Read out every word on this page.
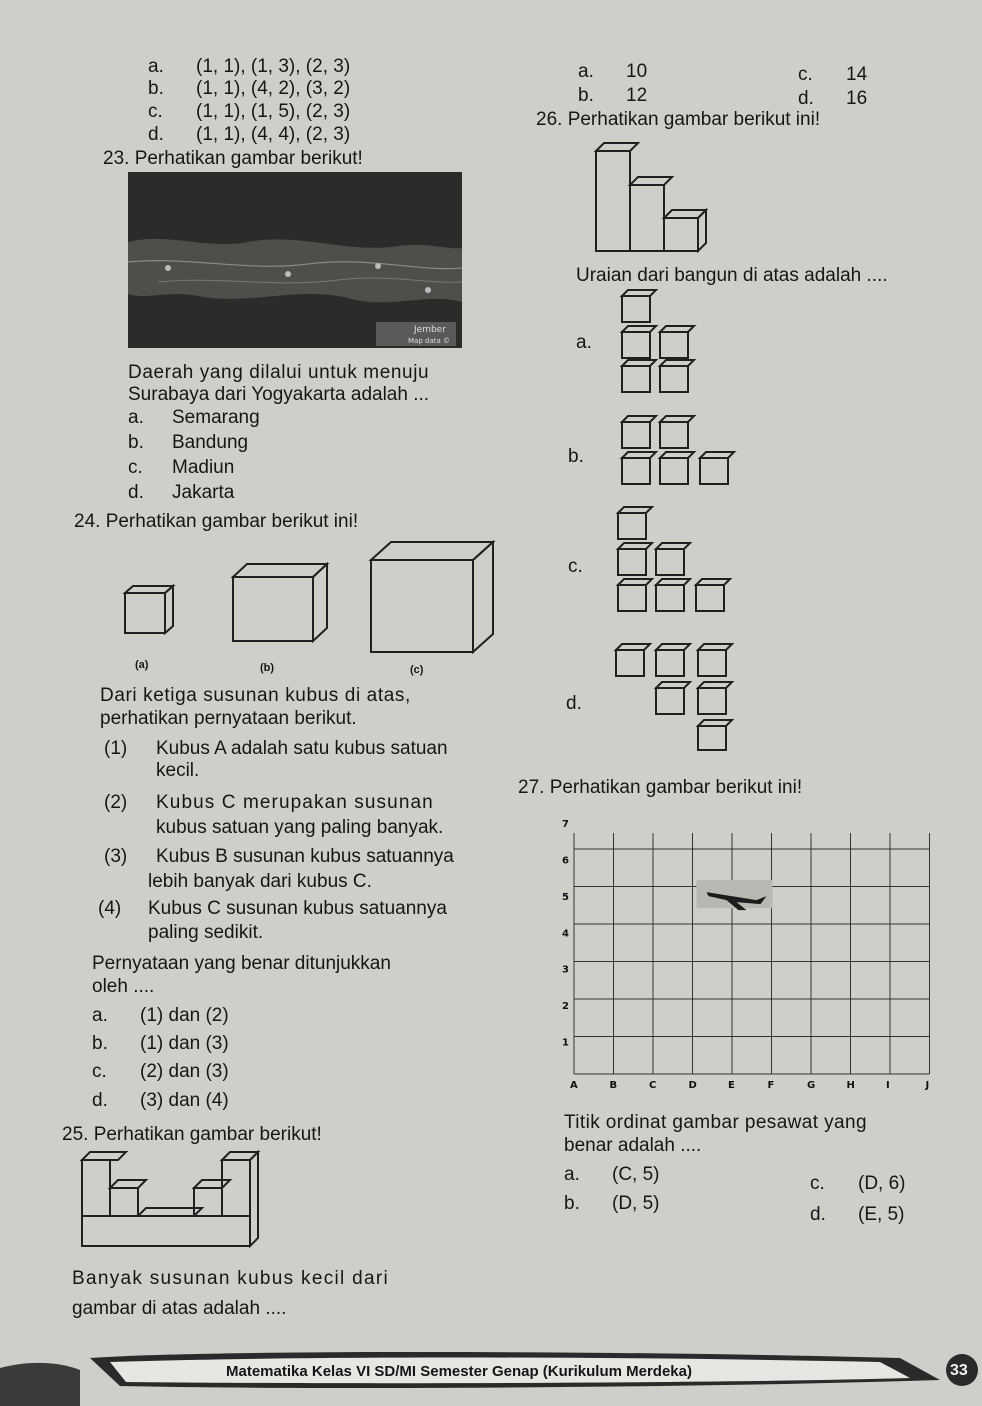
a. (1, 1), (1, 3), (2, 3)
b. (1, 1), (4, 2), (3, 2)
c. (1, 1), (1, 5), (2, 3)
d. (1, 1), (4, 4), (2, 3)
a. 10
b. 12
c. 14
d. 16
23. Perhatikan gambar berikut!
Jember
Map data ©
Daerah yang dilalui untuk menuju
Surabaya dari Yogyakarta adalah ...
a. Semarang
b. Bandung
c. Madiun
d. Jakarta
24. Perhatikan gambar berikut ini!
(a)	(b)	(c)
Dari ketiga susunan kubus di atas,
perhatikan pernyataan berikut.
(1) Kubus A adalah satu kubus satuan
kecil.
(2) Kubus C merupakan susunan
kubus satuan yang paling banyak.
(3) Kubus B susunan kubus satuannya
lebih banyak dari kubus C.
(4) Kubus C susunan kubus satuannya
paling sedikit.
Pernyataan yang benar ditunjukkan
oleh ....
a. (1) dan (2)
b. (1) dan (3)
c. (2) dan (3)
d. (3) dan (4)
25. Perhatikan gambar berikut!
Banyak susunan kubus kecil dari
gambar di atas adalah ....
26. Perhatikan gambar berikut ini!
Uraian dari bangun di atas adalah ....
a.
b.
c.
d.
27. Perhatikan gambar berikut ini!
A	B	C	D	E	F	G	H	I	J
1
2
3
4
5
6
7
Titik ordinat gambar pesawat yang
benar adalah ....
a. (C, 5)
b. (D, 5)
c. (D, 6)
d. (E, 5)
Matematika Kelas VI SD/MI Semester Genap (Kurikulum Merdeka)	33
